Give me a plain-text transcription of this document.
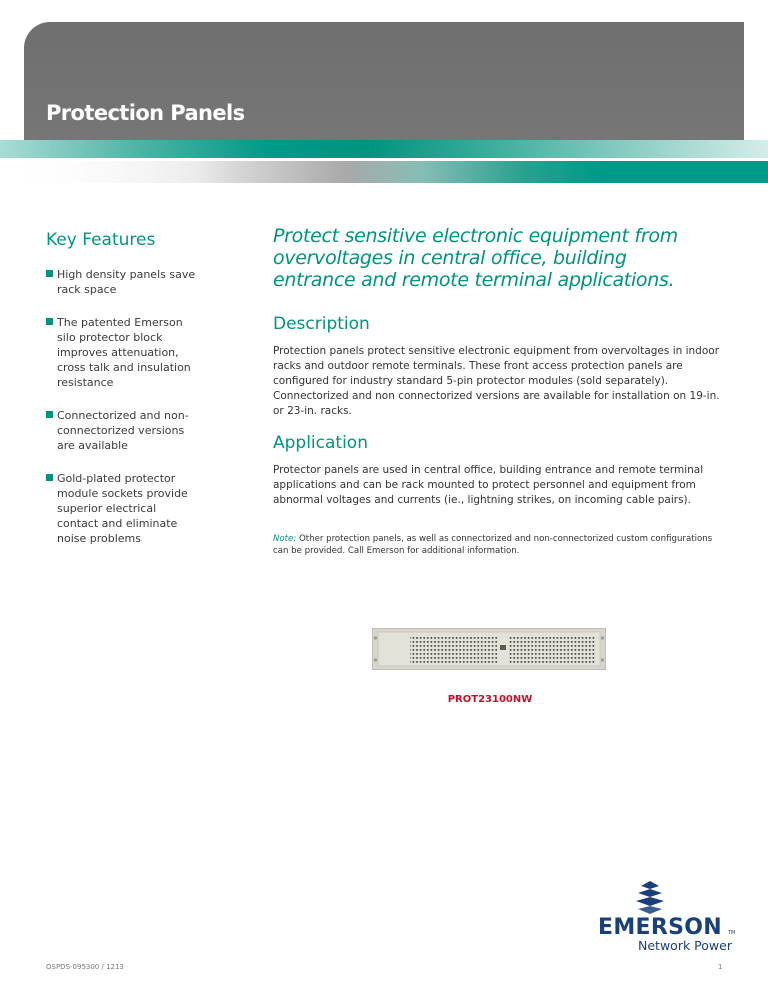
Protection Panels
Key Features
High density panels save rack space
The patented Emerson silo protector block improves attenuation, cross talk and insulation resistance
Connectorized and non-connectorized versions are available
Gold-plated protector module sockets provide superior electrical contact and eliminate noise problems
Protect sensitive electronic equipment from overvoltages in central office, building entrance and remote terminal applications.
Description

Protection panels protect sensitive electronic equipment from overvoltages in indoor racks and outdoor remote terminals. These front access protection panels are configured for industry standard 5-pin protector modules (sold separately). Connectorized and non connectorized versions are available for installation on 19-in. or 23-in. racks.

Application

Protector panels are used in central office, building entrance and remote terminal applications and can be rack mounted to protect personnel and equipment from abnormal voltages and currents (ie., lightning strikes, on incoming cable pairs).

Note: Other protection panels, as well as connectorized and non-connectorized custom configurations can be provided. Call Emerson for additional information.
PROT23100NW
OSPDS-095300 / 1213	1
EMERSON TM
Network Power
